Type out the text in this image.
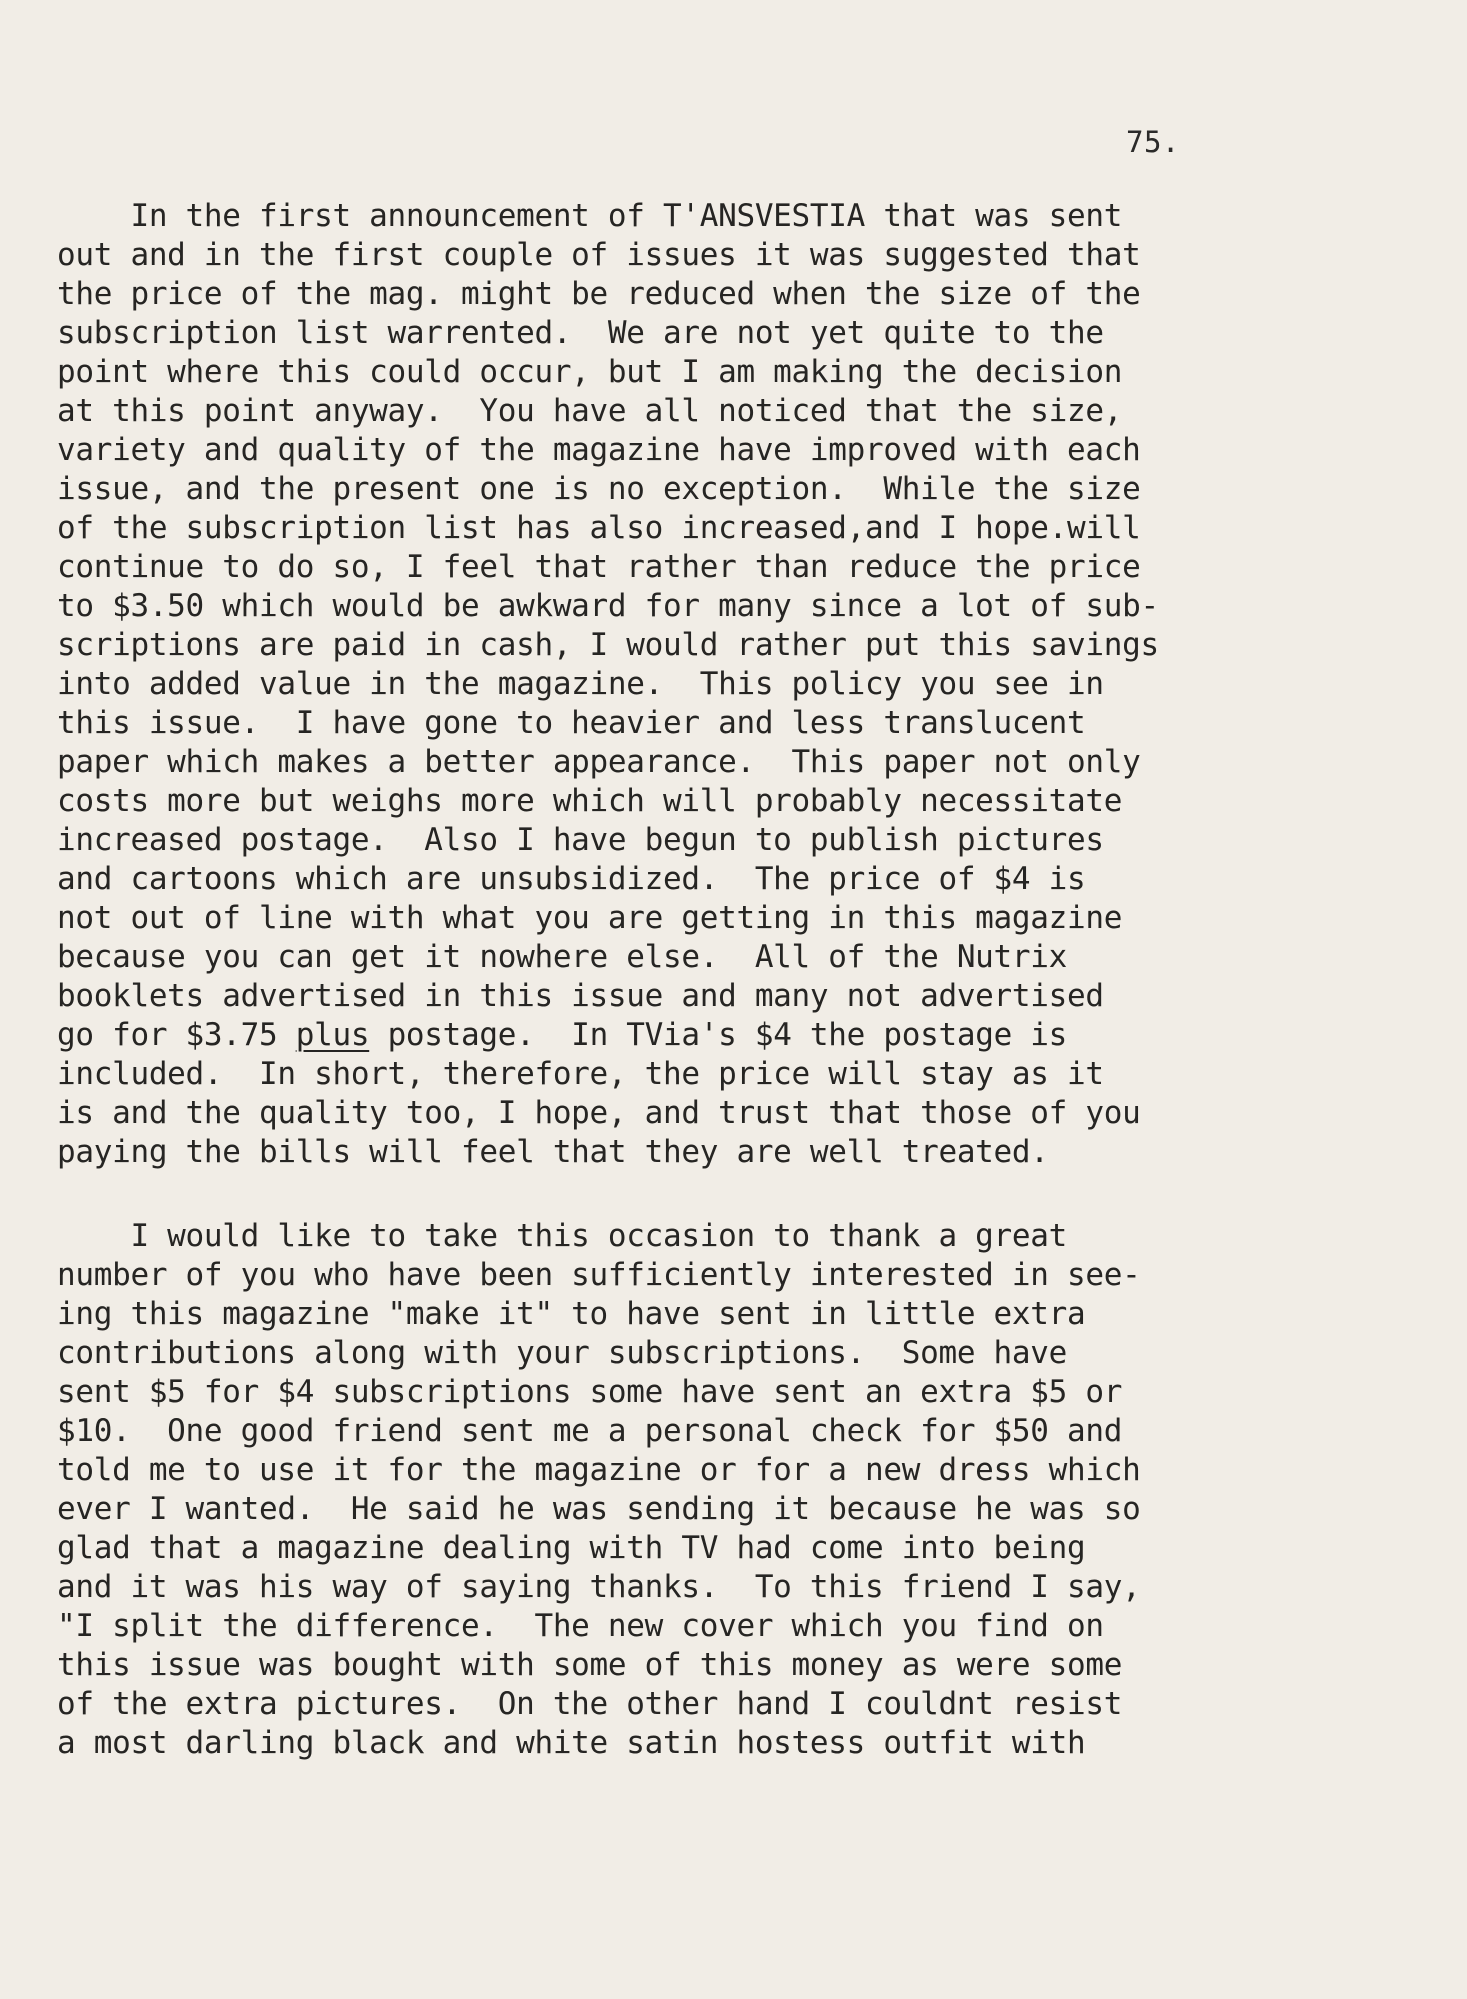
75.
In the first announcement of T'ANSVESTIA that was sent
out and in the first couple of issues it was suggested that
the price of the mag. might be reduced when the size of the
subscription list warrented.  We are not yet quite to the
point where this could occur, but I am making the decision
at this point anyway.  You have all noticed that the size,
variety and quality of the magazine have improved with each
issue, and the present one is no exception.  While the size
of the subscription list has also increased,and I hope.will
continue to do so, I feel that rather than reduce the price
to $3.50 which would be awkward for many since a lot of sub-
scriptions are paid in cash, I would rather put this savings
into added value in the magazine.  This policy you see in
this issue.  I have gone to heavier and less translucent
paper which makes a better appearance.  This paper not only
costs more but weighs more which will probably necessitate
increased postage.  Also I have begun to publish pictures
and cartoons which are unsubsidized.  The price of $4 is
not out of line with what you are getting in this magazine
because you can get it nowhere else.  All of the Nutrix
booklets advertised in this issue and many not advertised
go for $3.75 plus postage.  In TVia's $4 the postage is
included.  In short, therefore, the price will stay as it
is and the quality too, I hope, and trust that those of you
paying the bills will feel that they are well treated.
I would like to take this occasion to thank a great
number of you who have been sufficiently interested in see-
ing this magazine "make it" to have sent in little extra
contributions along with your subscriptions.  Some have
sent $5 for $4 subscriptions some have sent an extra $5 or
$10.  One good friend sent me a personal check for $50 and
told me to use it for the magazine or for a new dress which
ever I wanted.  He said he was sending it because he was so
glad that a magazine dealing with TV had come into being
and it was his way of saying thanks.  To this friend I say,
"I split the difference.  The new cover which you find on
this issue was bought with some of this money as were some
of the extra pictures.  On the other hand I couldnt resist
a most darling black and white satin hostess outfit with
